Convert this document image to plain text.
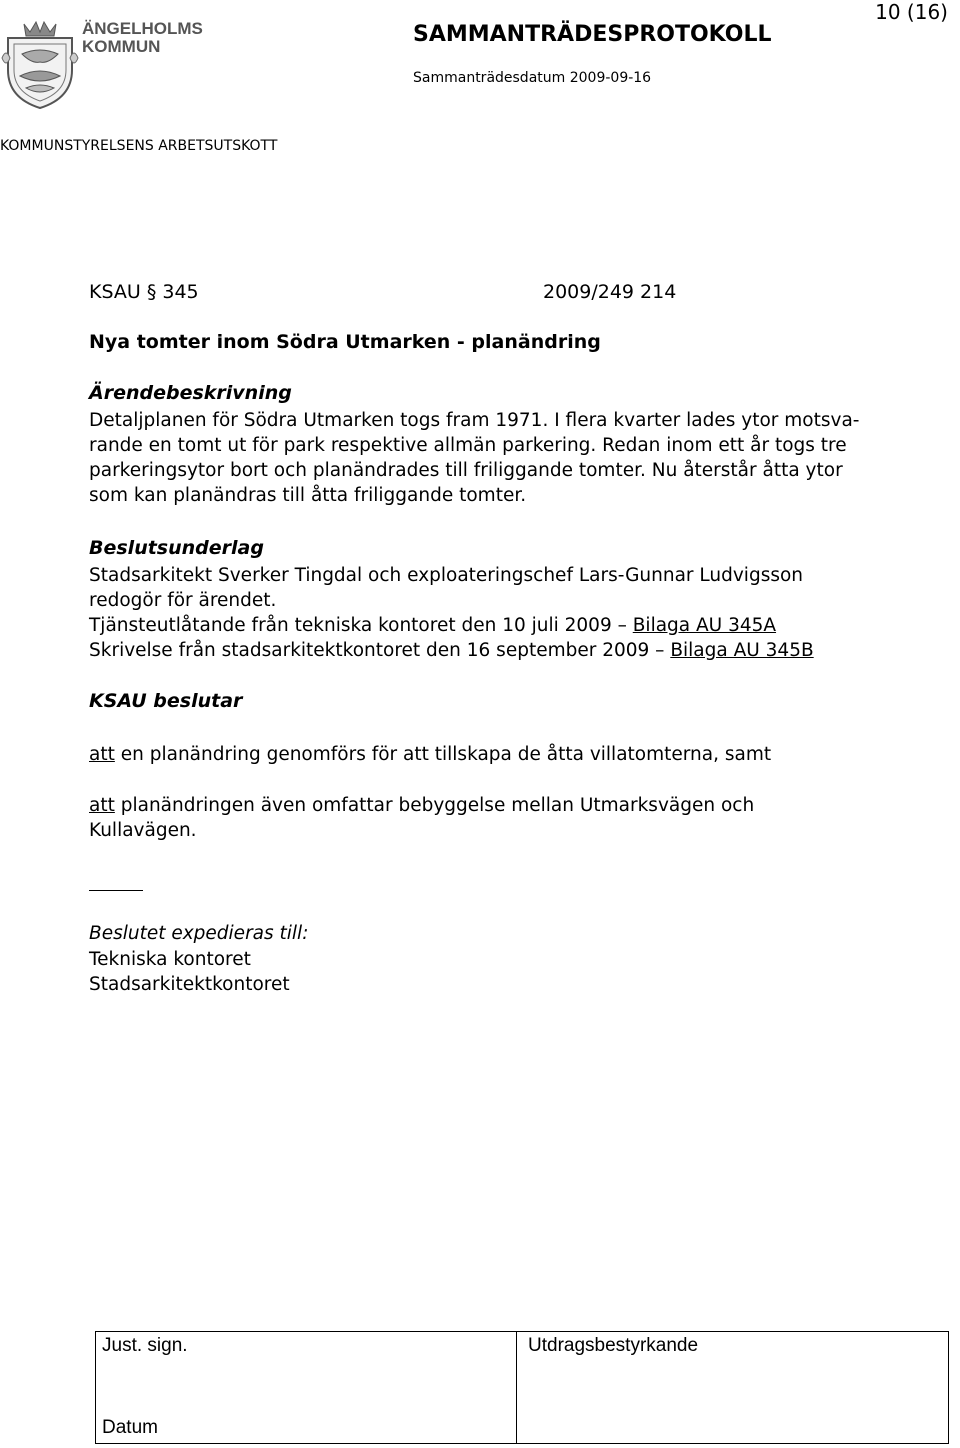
ÄNGELHOLMS
KOMMUN
10 (16)
SAMMANTRÄDESPROTOKOLL
Sammanträdesdatum 2009-09-16
KOMMUNSTYRELSENS ARBETSUTSKOTT
KSAU § 345	2009/249 214
Nya tomter inom Södra Utmarken - planändring
Ärendebeskrivning
Detaljplanen för Södra Utmarken togs fram 1971. I flera kvarter lades ytor motsva-
rande en tomt ut för park respektive allmän parkering. Redan inom ett år togs tre
parkeringsytor bort och planändrades till friliggande tomter. Nu återstår åtta ytor
som kan planändras till åtta friliggande tomter.
Beslutsunderlag
Stadsarkitekt Sverker Tingdal och exploateringschef Lars-Gunnar Ludvigsson
redogör för ärendet.
Tjänsteutlåtande från tekniska kontoret den 10 juli 2009 – Bilaga AU 345A
Skrivelse från stadsarkitektkontoret den 16 september 2009 – Bilaga AU 345B
KSAU beslutar
att en planändring genomförs för att tillskapa de åtta villatomterna, samt
att planändringen även omfattar bebyggelse mellan Utmarksvägen och
Kullavägen.
Beslutet expedieras till:
Tekniska kontoret
Stadsarkitektkontoret
Just. sign.
Datum
Utdragsbestyrkande
